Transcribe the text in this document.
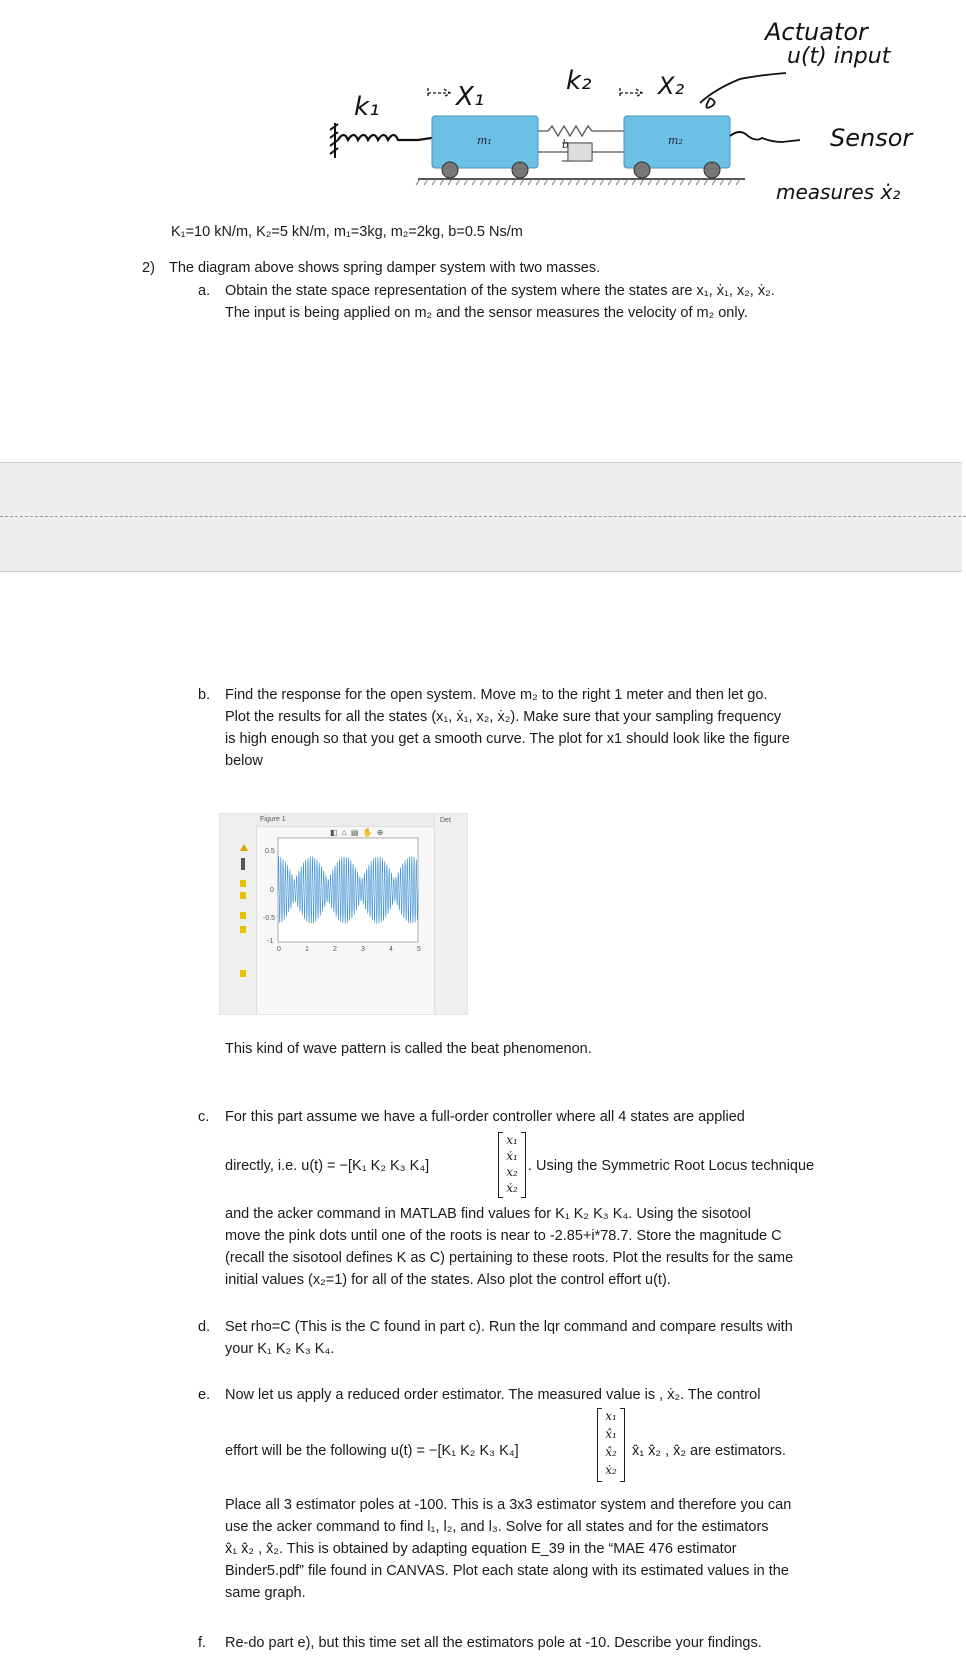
k₁	X₁
k₂	X₂
m₁	b	m₂
Actuator
u(t) input
Sensor
measures ẋ₂
K₁=10 kN/m, K₂=5 kN/m, m₁=3kg, m₂=2kg, b=0.5 Ns/m
2) The diagram above shows spring damper system with two masses.
a. Obtain the state space representation of the system where the states are x₁, ẋ₁, x₂, ẋ₂.
The input is being applied on m₂ and the sensor measures the velocity of m₂ only.
b. Find the response for the open system. Move m₂ to the right 1 meter and then let go.
Plot the results for all the states (x₁, ẋ₁, x₂, ẋ₂). Make sure that your sampling frequency
is high enough so that you get a smooth curve. The plot for x1 should look like the figure
below
Figure 1
◧ ⌂ ▤ ✋ ⊕
Det
0.5
0
-0.5
-1
0	1	2	3	4	5
This kind of wave pattern is called the beat phenomenon.
c. For this part assume we have a full-order controller where all 4 states are applied
directly, i.e. u(t) = −[K₁ K₂ K₃ K₄]
x₁
ẋ₁
x₂
ẋ₂
. Using the Symmetric Root Locus technique
and the acker command in MATLAB find values for K₁ K₂ K₃ K₄. Using the sisotool
move the pink dots until one of the roots is near to -2.85+i*78.7. Store the magnitude C
(recall the sisotool defines K as C) pertaining to these roots. Plot the results for the same
initial values (x₂=1) for all of the states. Also plot the control effort u(t).
d. Set rho=C (This is the C found in part c). Run the lqr command and compare results with
your K₁ K₂ K₃ K₄.
e. Now let us apply a reduced order estimator. The measured value is , ẋ₂. The control
effort will be the following u(t) = −[K₁ K₂ K₃ K₄]
x₁
x̂₁
x̂₂
ẋ₂
x̂₁ x̂₂ , x̂₂ are estimators.
Place all 3 estimator poles at -100. This is a 3x3 estimator system and therefore you can
use the acker command to find l₁, l₂, and l₃. Solve for all states and for the estimators
x̂₁ x̂₂ , x̂₂. This is obtained by adapting equation E_39 in the “MAE 476 estimator
Binder5.pdf” file found in CANVAS. Plot each state along with its estimated values in the
same graph.
f. Re-do part e), but this time set all the estimators pole at -10. Describe your findings.
